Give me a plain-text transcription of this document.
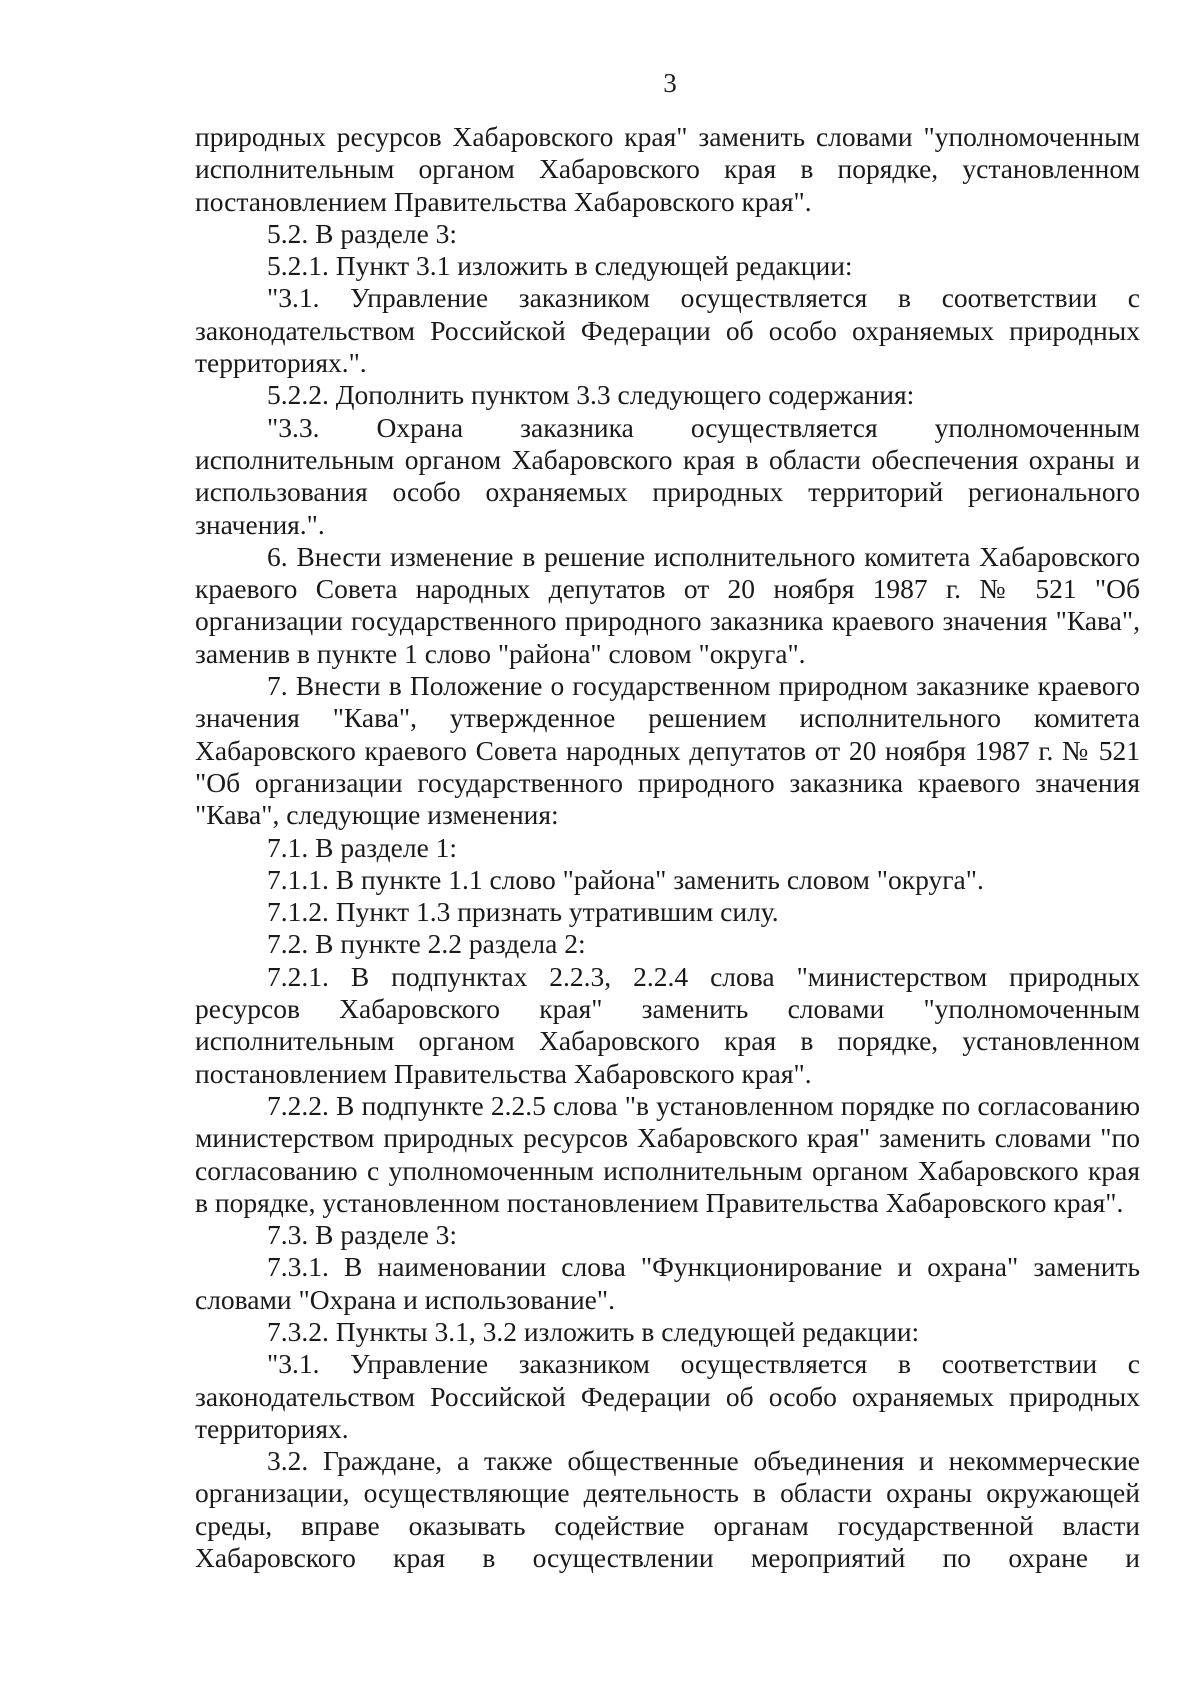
3

природных ресурсов Хабаровского края" заменить словами "уполномоченным исполнительным органом Хабаровского края в порядке, установленном постановлением Правительства Хабаровского края".

5.2. В разделе 3:

5.2.1. Пункт 3.1 изложить в следующей редакции:

"3.1. Управление заказником осуществляется в соответствии с законодательством Российской Федерации об особо охраняемых природных территориях.".

5.2.2. Дополнить пунктом 3.3 следующего содержания:

"3.3. Охрана заказника осуществляется уполномоченным исполнительным органом Хабаровского края в области обеспечения охраны и использования особо охраняемых природных территорий регионального значения.".

6. Внести изменение в решение исполнительного комитета Хабаровского краевого Совета народных депутатов от 20 ноября 1987 г. № 521 "Об организации государственного природного заказника краевого значения "Кава", заменив в пункте 1 слово "района" словом "округа".

7. Внести в Положение о государственном природном заказнике краевого значения "Кава", утвержденное решением исполнительного комитета Хабаровского краевого Совета народных депутатов от 20 ноября 1987 г. № 521 "Об организации государственного природного заказника краевого значения "Кава", следующие изменения:

7.1. В разделе 1:

7.1.1. В пункте 1.1 слово "района" заменить словом "округа".

7.1.2. Пункт 1.3 признать утратившим силу.

7.2. В пункте 2.2 раздела 2:

7.2.1. В подпунктах 2.2.3, 2.2.4 слова "министерством природных ресурсов Хабаровского края" заменить словами "уполномоченным исполнительным органом Хабаровского края в порядке, установленном постановлением Правительства Хабаровского края".

7.2.2. В подпункте 2.2.5 слова "в установленном порядке по согласованию министерством природных ресурсов Хабаровского края" заменить словами "по согласованию с уполномоченным исполнительным органом Хабаровского края в порядке, установленном постановлением Правительства Хабаровского края".

7.3. В разделе 3:

7.3.1. В наименовании слова "Функционирование и охрана" заменить словами "Охрана и использование".

7.3.2. Пункты 3.1, 3.2 изложить в следующей редакции:

"3.1. Управление заказником осуществляется в соответствии с законодательством Российской Федерации об особо охраняемых природных территориях.

3.2. Граждане, а также общественные объединения и некоммерческие организации, осуществляющие деятельность в области охраны окружающей среды, вправе оказывать содействие органам государственной власти Хабаровского края в осуществлении мероприятий по охране и
